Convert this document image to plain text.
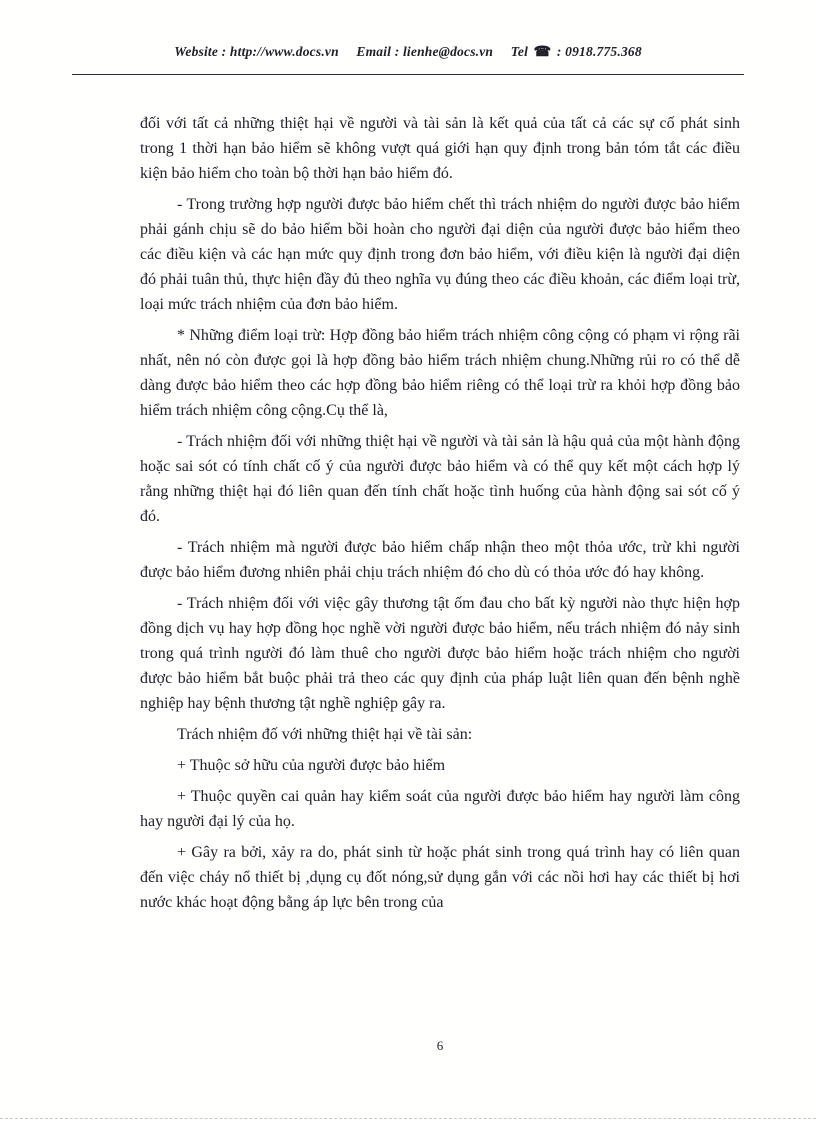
Website : http://www.docs.vn Email : lienhe@docs.vn Tel ☎ : 0918.775.368

đối với tất cả những thiệt hại về người và tài sản là kết quả của tất cả các sự cố phát sinh trong 1 thời hạn bảo hiểm sẽ không vượt quá giới hạn quy định trong bản tóm tắt các điều kiện bảo hiểm cho toàn bộ thời hạn bảo hiểm đó.

- Trong trường hợp người được bảo hiểm chết thì trách nhiệm do người được bảo hiểm phải gánh chịu sẽ do bảo hiểm bồi hoàn cho người đại diện của người được bảo hiểm theo các điều kiện và các hạn mức quy định trong đơn bảo hiểm, với điều kiện là người đại diện đó phải tuân thủ, thực hiện đầy đủ theo nghĩa vụ đúng theo các điều khoản, các điểm loại trừ, loại mức trách nhiệm của đơn bảo hiểm.

* Những điểm loại trừ: Hợp đồng bảo hiểm trách nhiệm công cộng có phạm vi rộng rãi nhất, nên nó còn được gọi là hợp đồng bảo hiểm trách nhiệm chung.Những rủi ro có thể dễ dàng được bảo hiểm theo các hợp đồng bảo hiểm riêng có thể loại trừ ra khỏi hợp đồng bảo hiểm trách nhiệm công cộng.Cụ thể là,

- Trách nhiệm đối với những thiệt hại về người và tài sản là hậu quả của một hành động hoặc sai sót có tính chất cố ý của người được bảo hiểm và có thể quy kết một cách hợp lý rằng những thiệt hại đó liên quan đến tính chất hoặc tình huống của hành động sai sót cố ý đó.

- Trách nhiệm mà người được bảo hiểm chấp nhận theo một thỏa ước, trừ khi người được bảo hiểm đương nhiên phải chịu trách nhiệm đó cho dù có thỏa ước đó hay không.

- Trách nhiệm đối với việc gây thương tật ốm đau cho bất kỳ người nào thực hiện hợp đồng dịch vụ hay hợp đồng học nghề vời người được bảo hiểm, nếu trách nhiệm đó nảy sinh trong quá trình người đó làm thuê cho người được bảo hiểm hoặc trách nhiệm cho người được bảo hiểm bắt buộc phải trả theo các quy định của pháp luật liên quan đến bệnh nghề nghiệp hay bệnh thương tật nghề nghiệp gây ra.

Trách nhiệm đố với những thiệt hại về tài sản:

+ Thuộc sở hữu của người được bảo hiểm

+ Thuộc quyền cai quản hay kiểm soát của người được bảo hiểm hay người làm công hay người đại lý của họ.

+ Gây ra bởi, xảy ra do, phát sinh từ hoặc phát sinh trong quá trình hay có liên quan đến việc cháy nổ thiết bị ,dụng cụ đốt nóng,sử dụng gắn với các nồi hơi hay các thiết bị hơi nước khác hoạt động bằng áp lực bên trong của

6
